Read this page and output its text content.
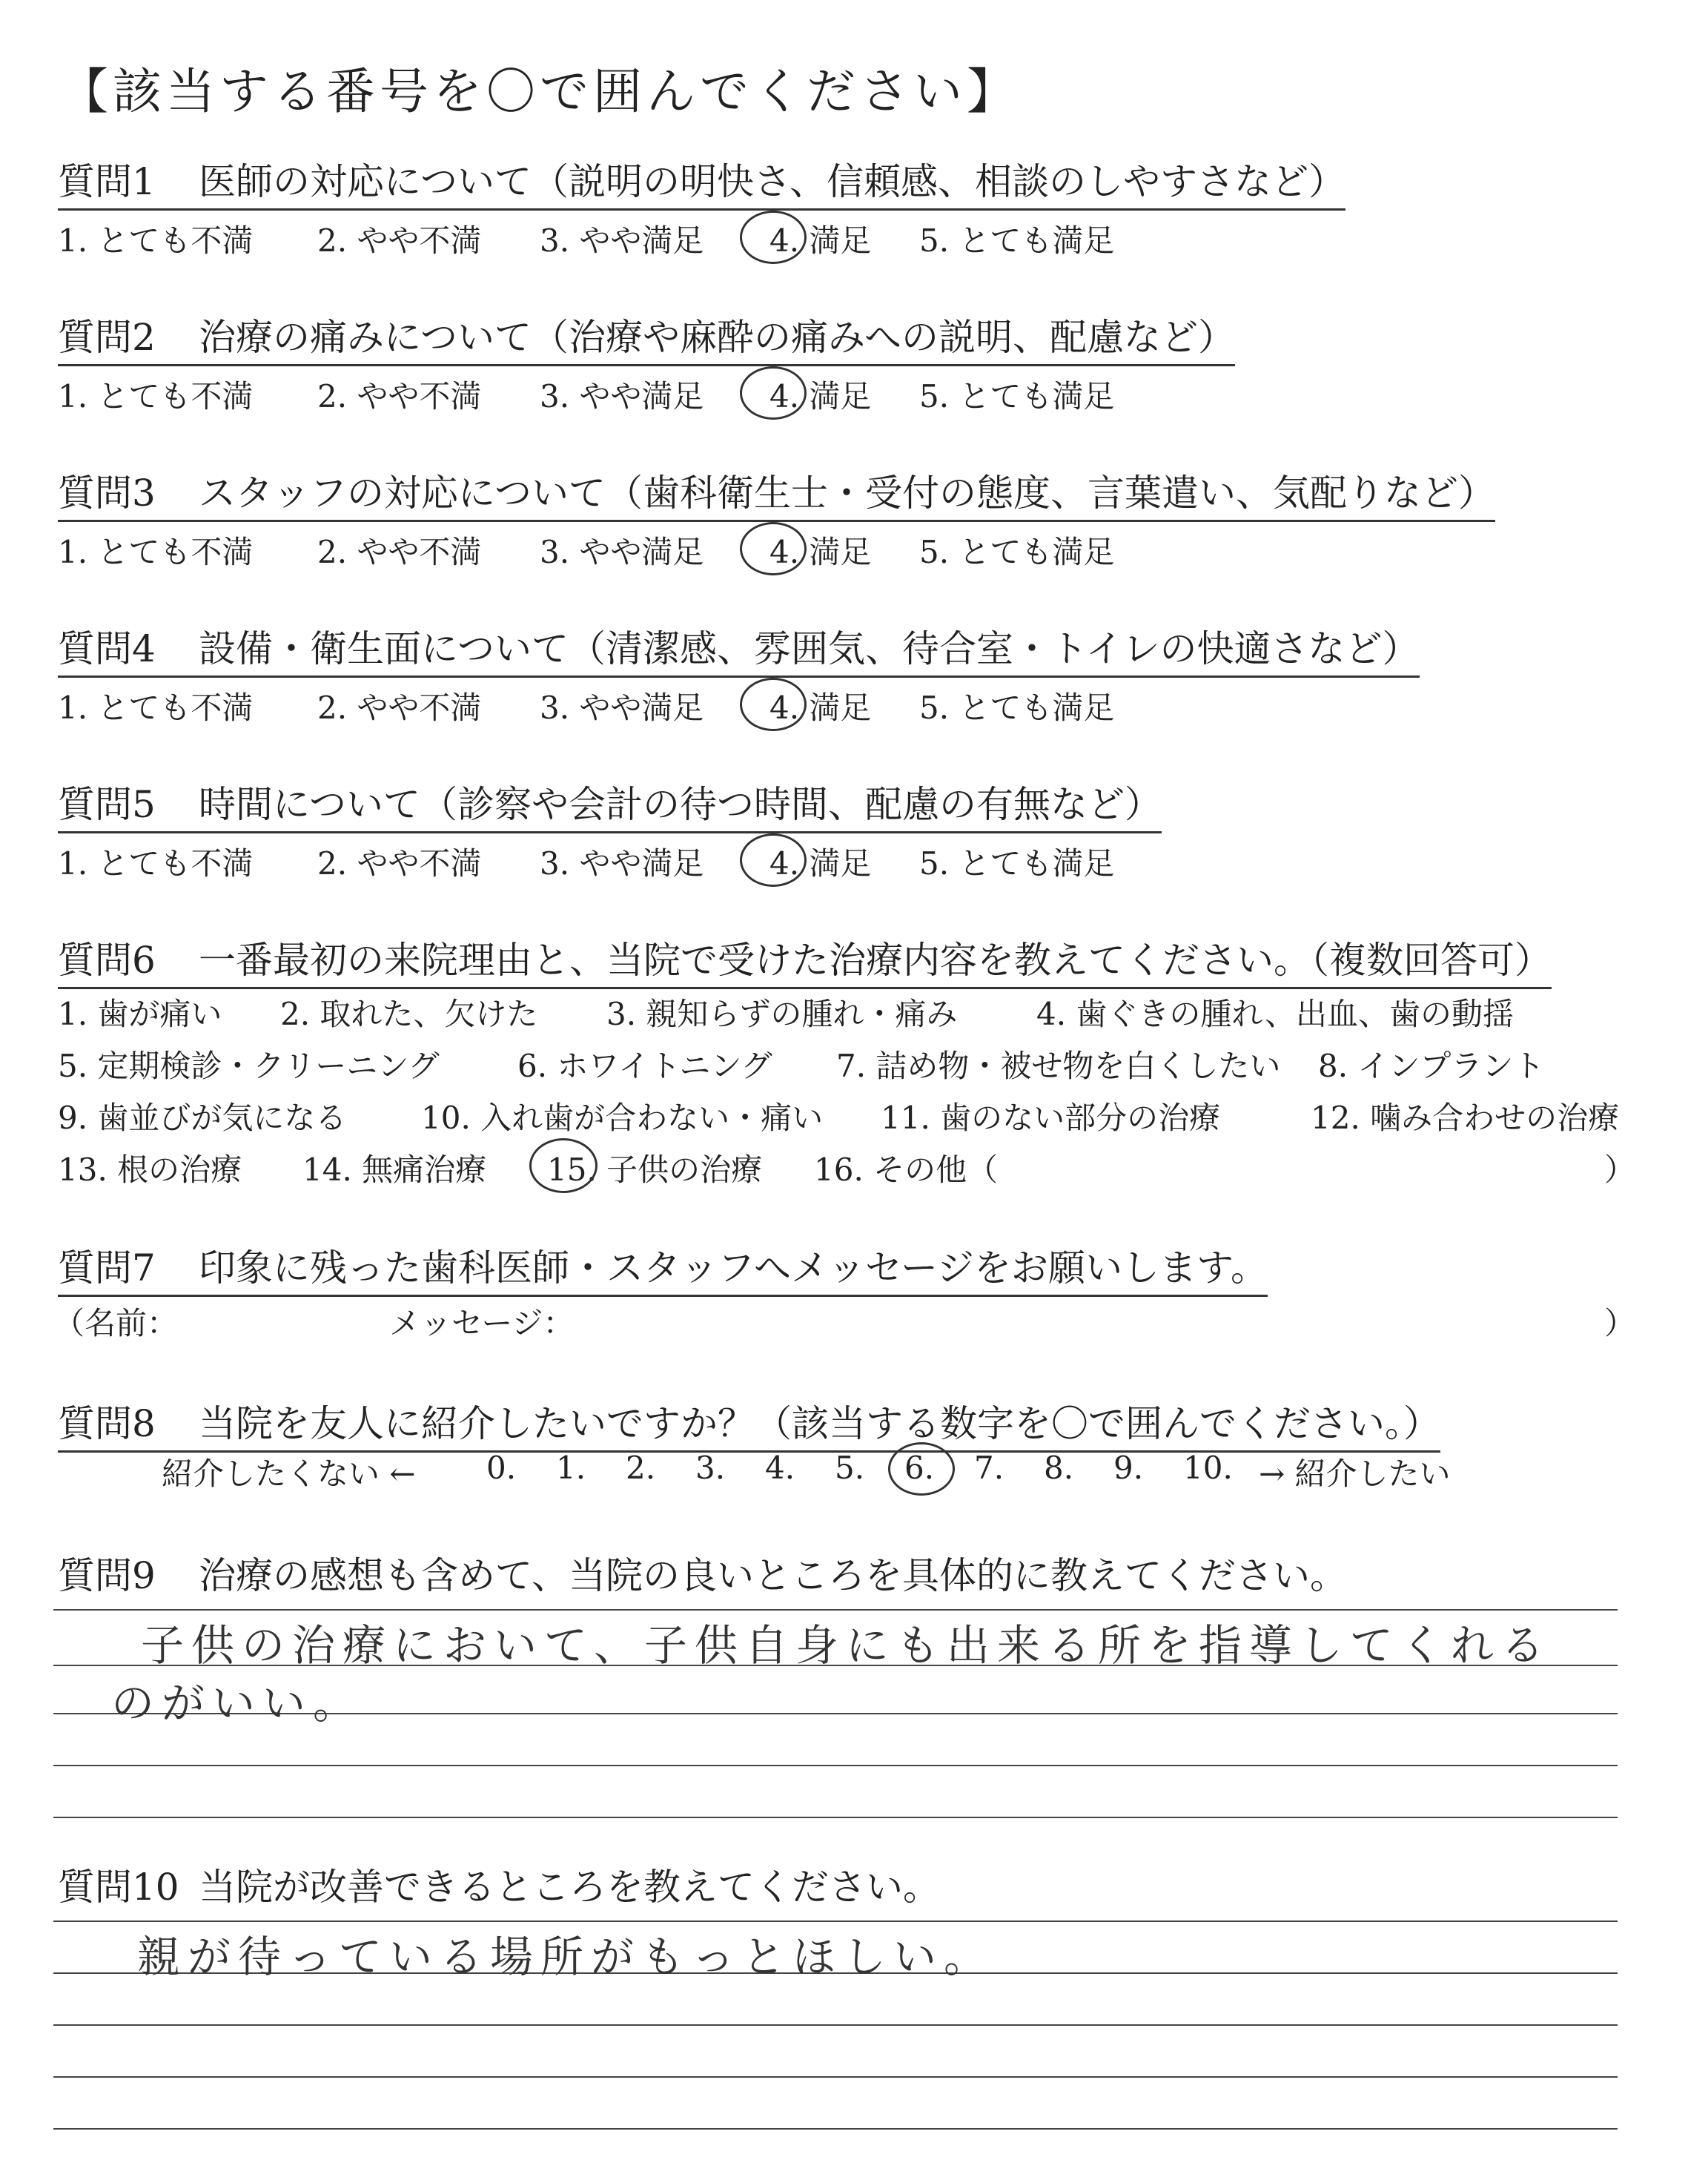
【該当する番号を〇で囲んでください】
質問1 医師の対応について（説明の明快さ、信頼感、相談のしやすさなど）
1. とても不満 2. やや不満 3. やや満足 4. 満足 5. とても満足
質問2 治療の痛みについて（治療や麻酔の痛みへの説明、配慮など）
1. とても不満 2. やや不満 3. やや満足 4. 満足 5. とても満足
質問3 スタッフの対応について（歯科衛生士・受付の態度、言葉遣い、気配りなど）
1. とても不満 2. やや不満 3. やや満足 4. 満足 5. とても満足
質問4 設備・衛生面について（清潔感、雰囲気、待合室・トイレの快適さなど）
1. とても不満 2. やや不満 3. やや満足 4. 満足 5. とても満足
質問5 時間について（診察や会計の待つ時間、配慮の有無など）
1. とても不満 2. やや不満 3. やや満足 4. 満足 5. とても満足
質問6 一番最初の来院理由と、当院で受けた治療内容を教えてください。（複数回答可）
1. 歯が痛い 2. 取れた、欠けた 3. 親知らずの腫れ・痛み	4. 歯ぐきの腫れ、出血、歯の動揺
5. 定期検診・クリーニング	6. ホワイトニング 7. 詰め物・被せ物を白くしたい 8. インプラント
9. 歯並びが気になる 10. 入れ歯が合わない・痛い 11. 歯のない部分の治療	12. 噛み合わせの治療
13. 根の治療 14. 無痛治療 15. 子供の治療 16. その他（	）
質問7 印象に残った歯科医師・スタッフへメッセージをお願いします。
（名前：	メッセージ：	）
質問8 当院を友人に紹介したいですか？（該当する数字を〇で囲んでください。）
紹介したくない ← 0. 1. 2. 3. 4. 5. 6. 7. 8. 9. 10. → 紹介したい
質問9 治療の感想も含めて、当院の良いところを具体的に教えてください。
子供の治療において、子供自身にも出来る所を指導してくれる
のがいい。
質問10 当院が改善できるところを教えてください。
親が待っている場所がもっとほしい。
